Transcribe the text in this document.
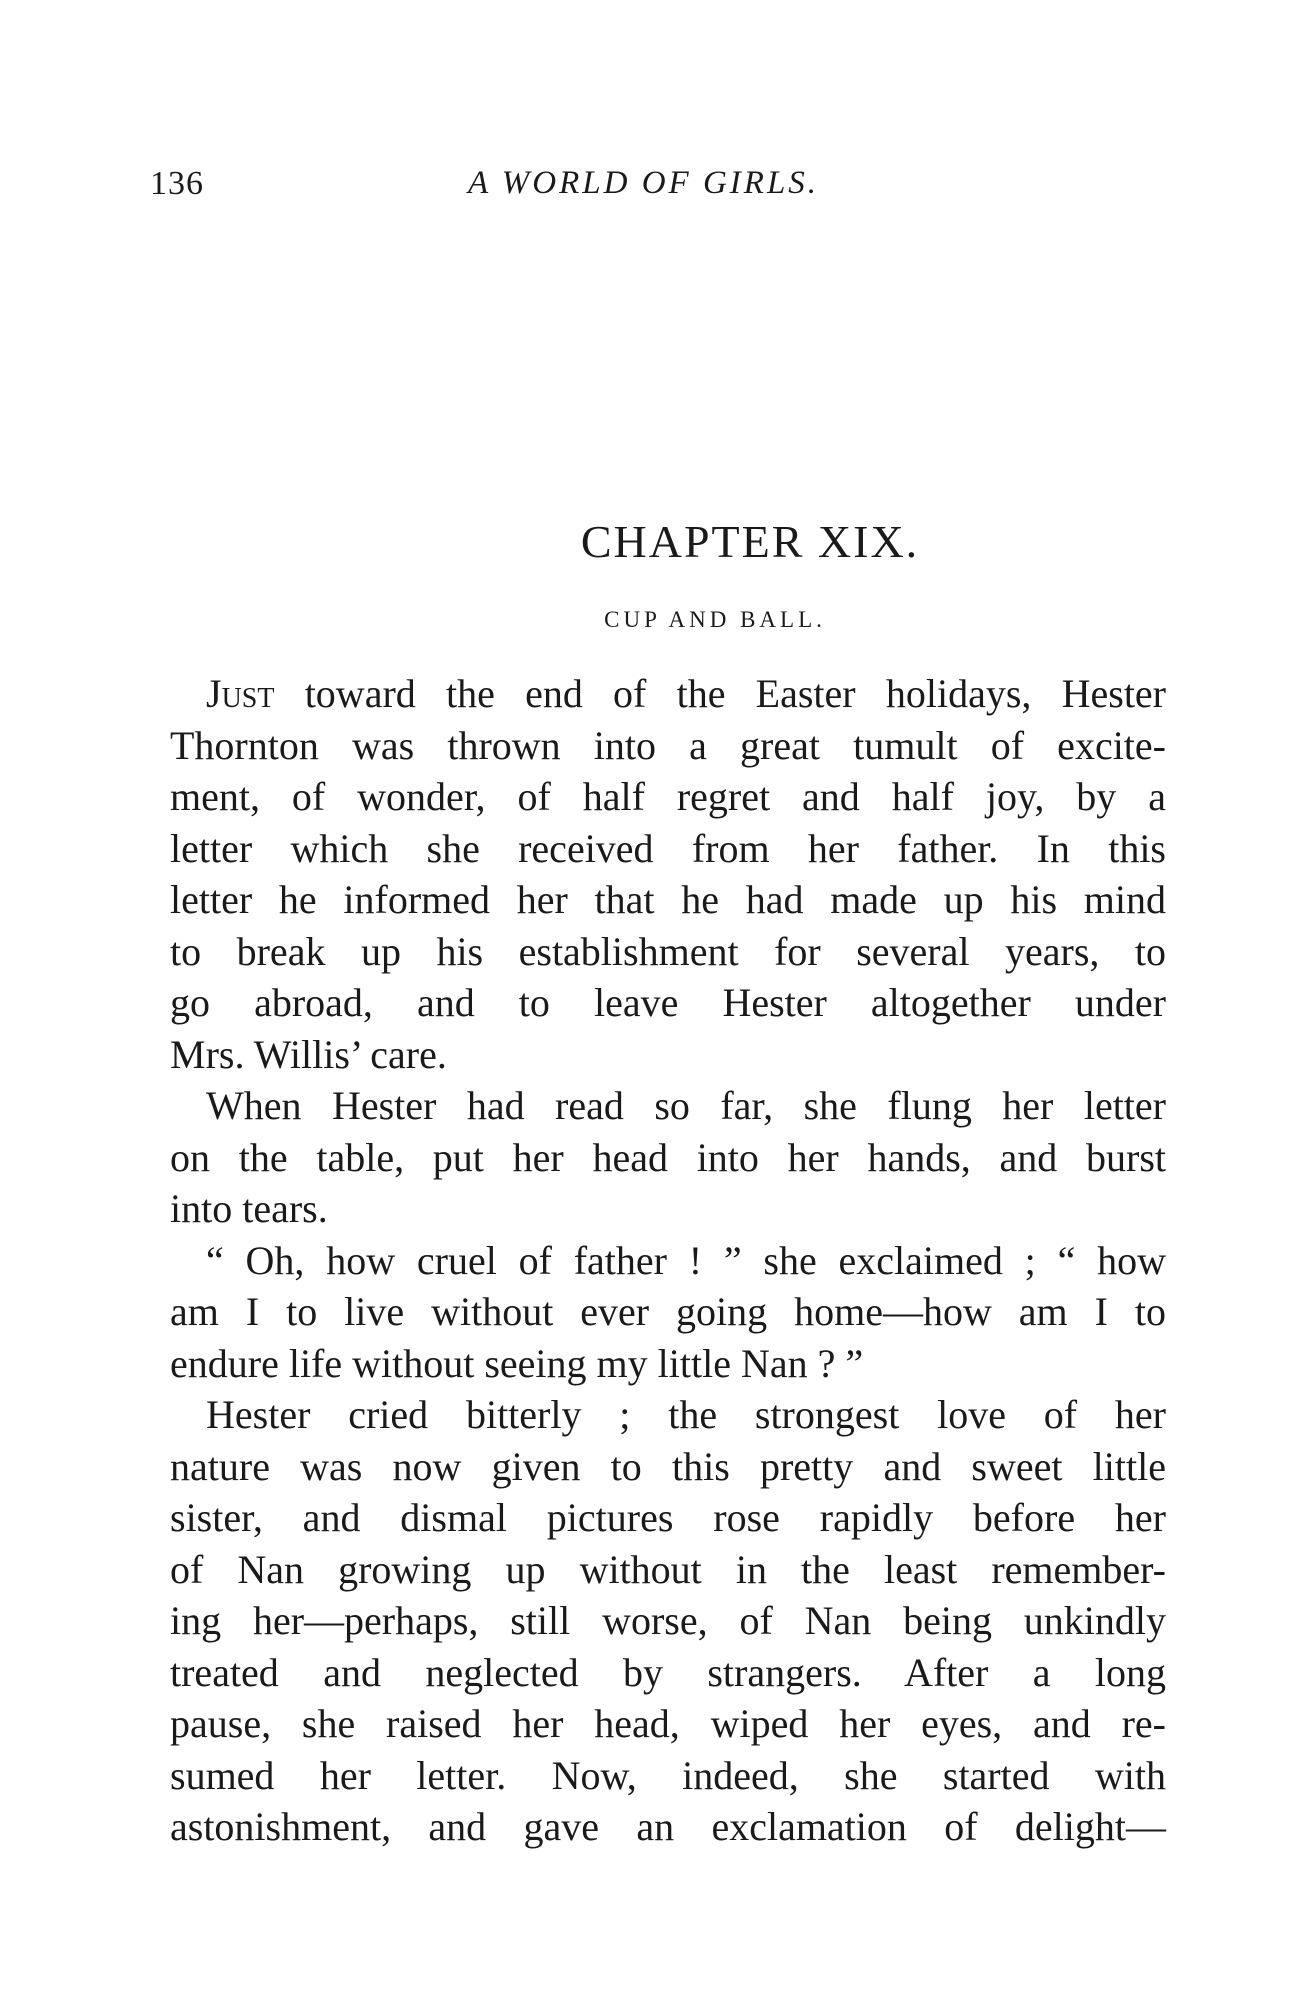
136	A WORLD OF GIRLS.
CHAPTER XIX.
CUP AND BALL.
Just toward the end of the Easter holidays, Hester
Thornton was thrown into a great tumult of excite-
ment, of wonder, of half regret and half joy, by a
letter which she received from her father. In this
letter he informed her that he had made up his mind
to break up his establishment for several years, to
go abroad, and to leave Hester altogether under
Mrs. Willis’ care.
When Hester had read so far, she flung her letter
on the table, put her head into her hands, and burst
into tears.
“ Oh, how cruel of father ! ” she exclaimed ; “ how
am I to live without ever going home—how am I to
endure life without seeing my little Nan ? ”
Hester cried bitterly ; the strongest love of her
nature was now given to this pretty and sweet little
sister, and dismal pictures rose rapidly before her
of Nan growing up without in the least remember-
ing her—perhaps, still worse, of Nan being unkindly
treated and neglected by strangers. After a long
pause, she raised her head, wiped her eyes, and re-
sumed her letter. Now, indeed, she started with
astonishment, and gave an exclamation of delight—
